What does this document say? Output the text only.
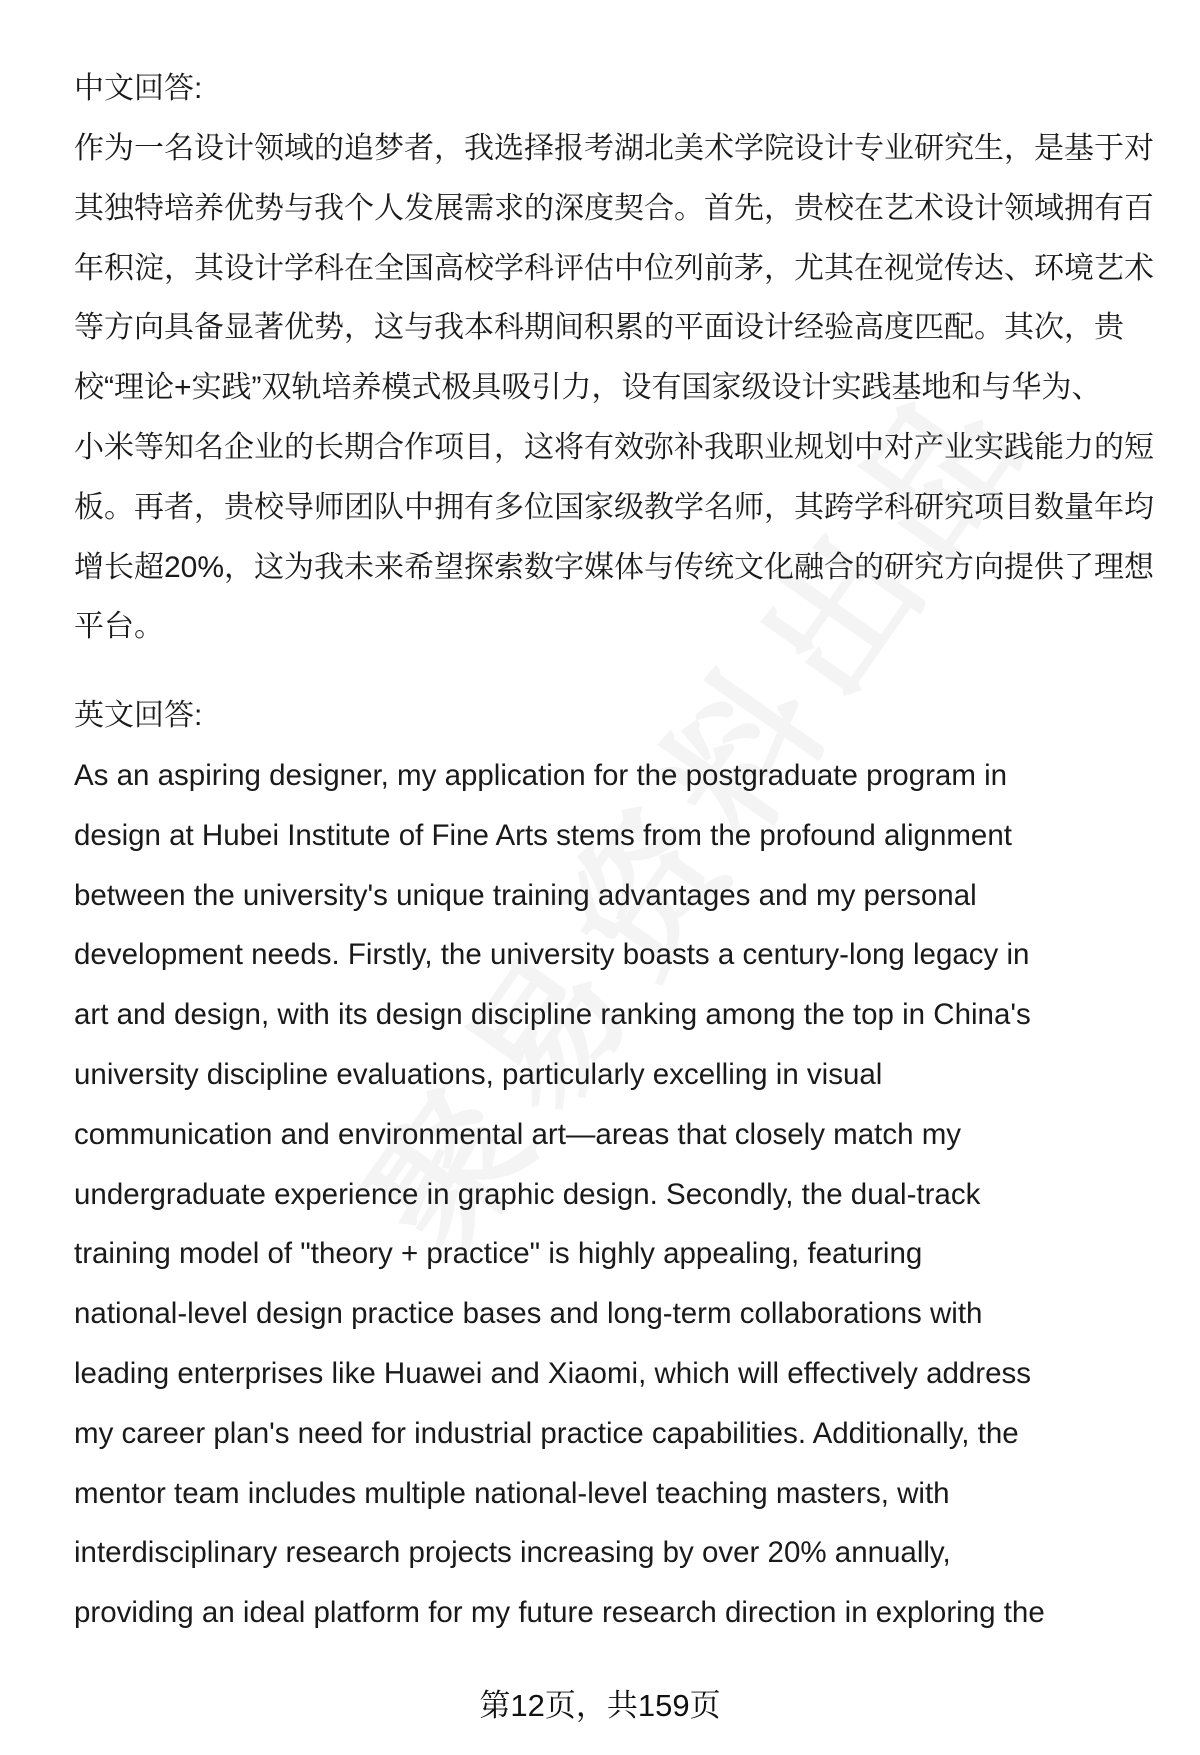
中文回答:
作为一名设计领域的追梦者，我选择报考湖北美术学院设计专业研究生，是基于对
其独特培养优势与我个人发展需求的深度契合。首先，贵校在艺术设计领域拥有百
年积淀，其设计学科在全国高校学科评估中位列前茅，尤其在视觉传达、环境艺术
等方向具备显著优势，这与我本科期间积累的平面设计经验高度匹配。其次，贵
校“理论+实践”双轨培养模式极具吸引力，设有国家级设计实践基地和与华为、
小米等知名企业的长期合作项目，这将有效弥补我职业规划中对产业实践能力的短
板。再者，贵校导师团队中拥有多位国家级教学名师，其跨学科研究项目数量年均
增长超20%，这为我未来希望探索数字媒体与传统文化融合的研究方向提供了理想
平台。
英文回答:
As an aspiring designer, my application for the postgraduate program in
design at Hubei Institute of Fine Arts stems from the profound alignment
between the university's unique training advantages and my personal
development needs. Firstly, the university boasts a century-long legacy in
art and design, with its design discipline ranking among the top in China's
university discipline evaluations, particularly excelling in visual
communication and environmental art—areas that closely match my
undergraduate experience in graphic design. Secondly, the dual-track
training model of "theory + practice" is highly appealing, featuring
national-level design practice bases and long-term collaborations with
leading enterprises like Huawei and Xiaomi, which will effectively address
my career plan's need for industrial practice capabilities. Additionally, the
mentor team includes multiple national-level teaching masters, with
interdisciplinary research projects increasing by over 20% annually,
providing an ideal platform for my future research direction in exploring the
第12页，共159页
